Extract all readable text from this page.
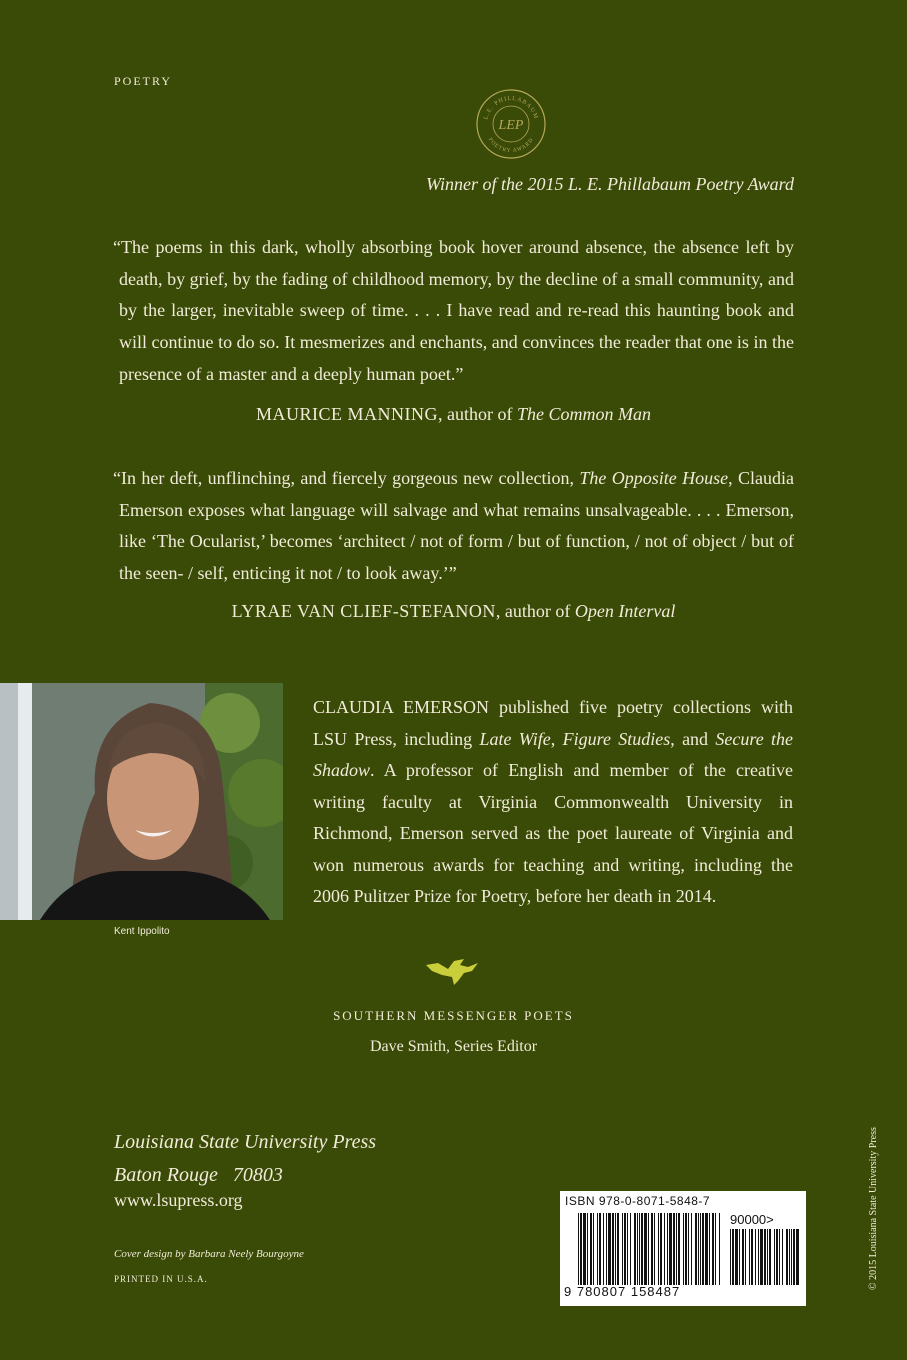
POETRY
L.E. PHILLABAUM
POETRY AWARD
LEP
Winner of the 2015 L. E. Phillabaum Poetry Award

“The poems in this dark, wholly absorbing book hover around absence, the absence left by death, by grief, by the fading of childhood memory, by the decline of a small community, and by the larger, inevitable sweep of time. . . . I have read and re-read this haunting book and will continue to do so. It mesmerizes and enchants, and convinces the reader that one is in the presence of a master and a deeply human poet.”

MAURICE MANNING, author of The Common Man

“In her deft, unflinching, and fiercely gorgeous new collection, The Opposite House, Claudia Emerson exposes what language will salvage and what remains unsalvageable. . . . Emerson, like ‘The Ocularist,’ becomes ‘architect / not of form / but of function, / not of object / but of the seen- / self, enticing it not / to look away.’”

LYRAE VAN CLIEF-STEFANON, author of Open Interval
Kent Ippolito
CLAUDIA EMERSON published five poetry collections with LSU Press, including Late Wife, Figure Studies, and Secure the Shadow. A professor of English and member of the creative writing faculty at Virginia Commonwealth University in Richmond, Emerson served as the poet laureate of Virginia and won numerous awards for teaching and writing, including the 2006 Pulitzer Prize for Poetry, before her death in 2014.
SOUTHERN MESSENGER POETS
Dave Smith, Series Editor
Louisiana State University Press
Baton Rouge   70803
www.lsupress.org
Cover design by Barbara Neely Bourgoyne
PRINTED IN U.S.A.
ISBN 978-0-8071-5848-7
90000>
9 780807 158487
© 2015 Louisiana State University Press
